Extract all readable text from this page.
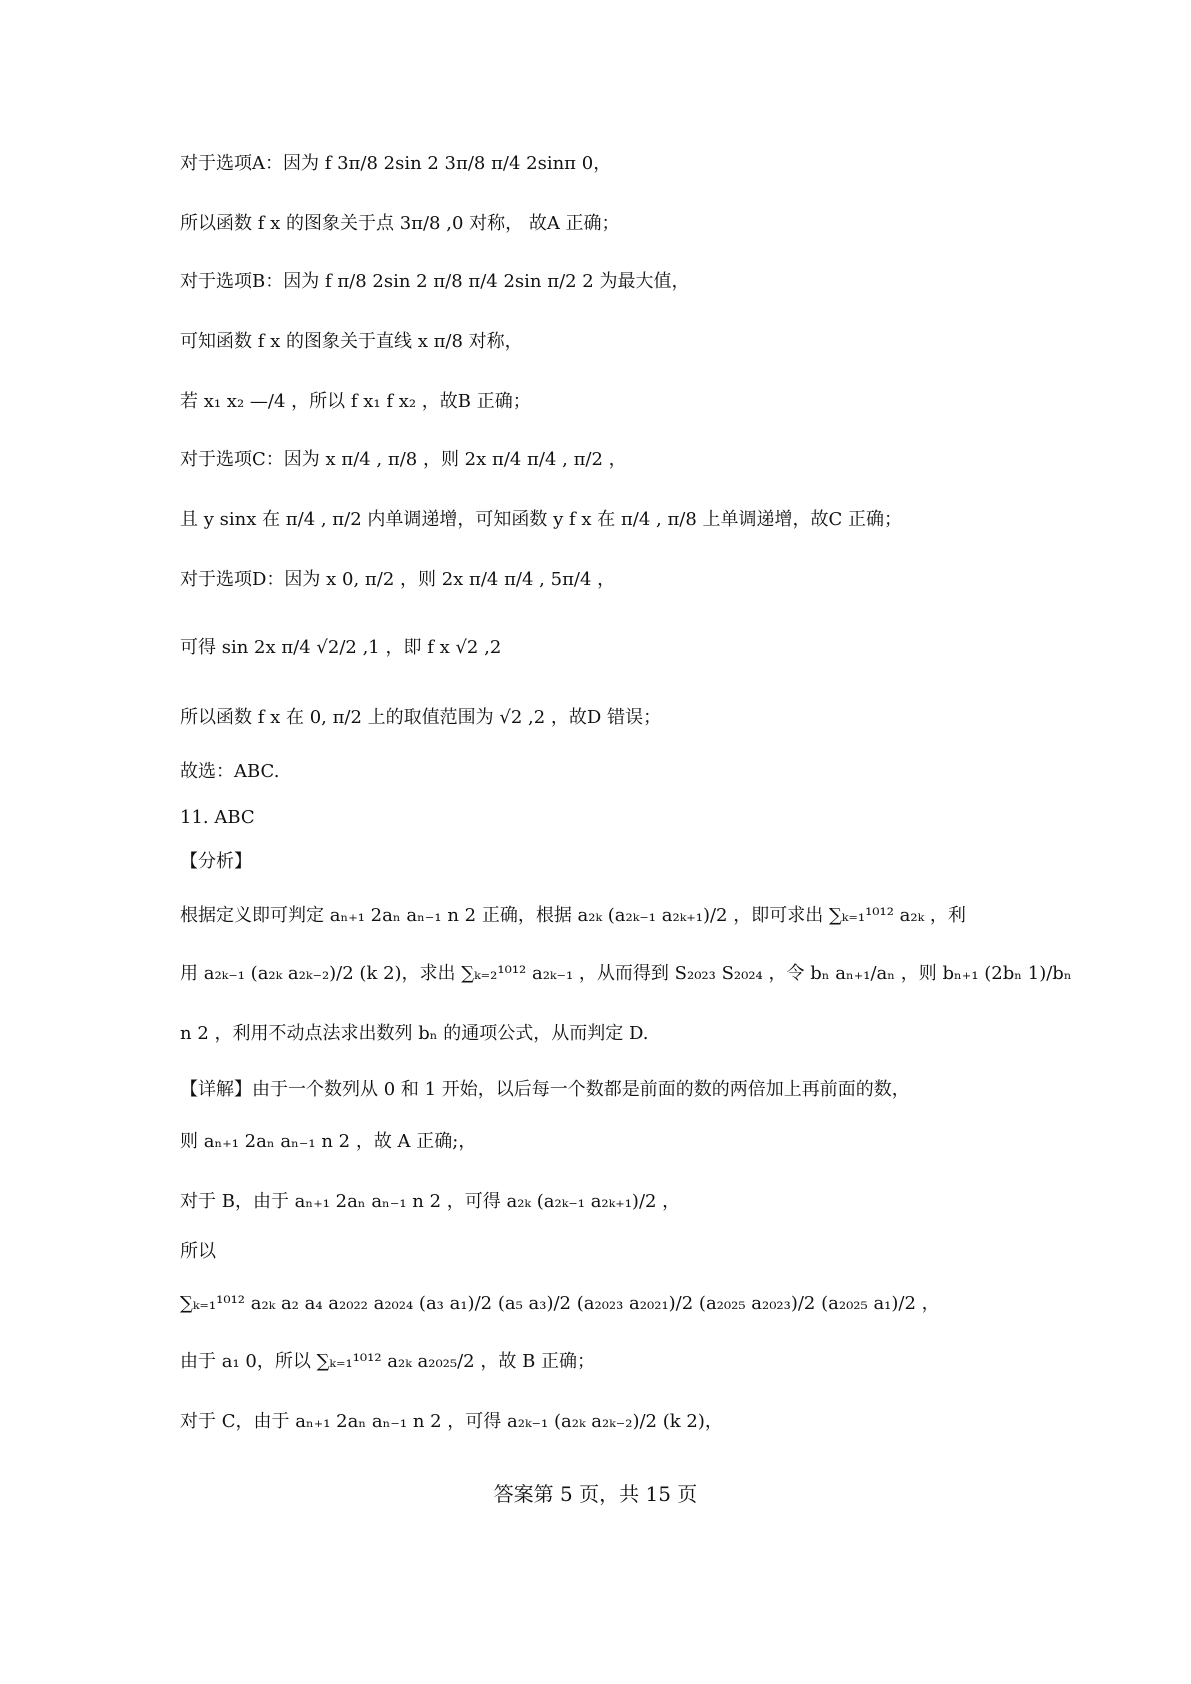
对于选项A：因为 f 3π/8 2sin 2 3π/8 π/4 2sinπ 0，
所以函数 f x 的图象关于点 3π/8 ,0 对称， 故A 正确；
对于选项B：因为 f π/8 2sin 2 π/8 π/4 2sin π/2 2 为最大值，
可知函数 f x 的图象关于直线 x π/8 对称，
若 x₁ x₂ —/4 ，所以 f x₁ f x₂ ，故B 正确；
对于选项C：因为 x π/4 , π/8 ，则 2x π/4 π/4 , π/2 ，
且 y sinx 在 π/4 , π/2 内单调递增，可知函数 y f x 在 π/4 , π/8 上单调递增，故C 正确；
对于选项D：因为 x 0, π/2 ，则 2x π/4 π/4 , 5π/4 ，
可得 sin 2x π/4 √2/2 ,1 ，即 f x √2 ,2
所以函数 f x 在 0, π/2 上的取值范围为 √2 ,2 ，故D 错误；
故选：ABC.
11. ABC
【分析】
根据定义即可判定 aₙ₊₁ 2aₙ aₙ₋₁ n 2 正确，根据 a₂ₖ (a₂ₖ₋₁ a₂ₖ₊₁)/2 ，即可求出 ∑ₖ₌₁¹⁰¹² a₂ₖ ，利
用 a₂ₖ₋₁ (a₂ₖ a₂ₖ₋₂)/2 (k 2)，求出 ∑ₖ₌₂¹⁰¹² a₂ₖ₋₁ ，从而得到 S₂₀₂₃ S₂₀₂₄ ，令 bₙ aₙ₊₁/aₙ ，则 bₙ₊₁ (2bₙ 1)/bₙ
n 2 ，利用不动点法求出数列 bₙ 的通项公式，从而判定 D.
【详解】由于一个数列从 0 和 1 开始，以后每一个数都是前面的数的两倍加上再前面的数，
则 aₙ₊₁ 2aₙ aₙ₋₁ n 2 ，故 A 正确;，
对于 B，由于 aₙ₊₁ 2aₙ aₙ₋₁ n 2 ，可得 a₂ₖ (a₂ₖ₋₁ a₂ₖ₊₁)/2 ，
所以
∑ₖ₌₁¹⁰¹² a₂ₖ a₂ a₄ a₂₀₂₂ a₂₀₂₄ (a₃ a₁)/2 (a₅ a₃)/2 (a₂₀₂₃ a₂₀₂₁)/2 (a₂₀₂₅ a₂₀₂₃)/2 (a₂₀₂₅ a₁)/2 ，
由于 a₁ 0，所以 ∑ₖ₌₁¹⁰¹² a₂ₖ a₂₀₂₅/2 ，故 B 正确；
对于 C，由于 aₙ₊₁ 2aₙ aₙ₋₁ n 2 ，可得 a₂ₖ₋₁ (a₂ₖ a₂ₖ₋₂)/2 (k 2)，
答案第 5 页，共 15 页
